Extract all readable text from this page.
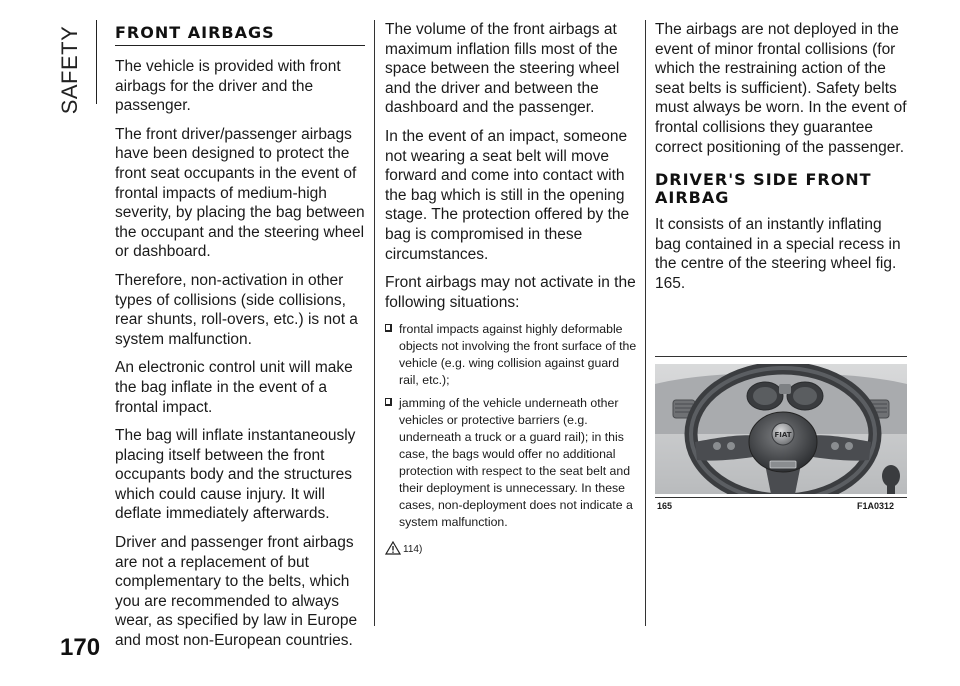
SAFETY
170
FRONT AIRBAGS

The vehicle is provided with front airbags for the driver and the passenger.

The front driver/passenger airbags have been designed to protect the front seat occupants in the event of frontal impacts of medium-high severity, by placing the bag between the occupant and the steering wheel or dashboard.

Therefore, non-activation in other types of collisions (side collisions, rear shunts, roll-overs, etc.) is not a system malfunction.

An electronic control unit will make the bag inflate in the event of a frontal impact.

The bag will inflate instantaneously placing itself between the front occupants body and the structures which could cause injury. It will deflate immediately afterwards.

Driver and passenger front airbags are not a replacement of but complementary to the belts, which you are recommended to always wear, as specified by law in Europe and most non-European countries.

The volume of the front airbags at maximum inflation fills most of the space between the steering wheel and the driver and between the dashboard and the passenger.

In the event of an impact, someone not wearing a seat belt will move forward and come into contact with the bag which is still in the opening stage. The protection offered by the bag is compromised in these circumstances.

Front airbags may not activate in the following situations:

frontal impacts against highly deformable objects not involving the front surface of the vehicle (e.g. wing collision against guard rail, etc.);
jamming of the vehicle underneath other vehicles or protective barriers (e.g. underneath a truck or a guard rail); in this case, the bags would offer no additional protection with respect to the seat belt and their deployment is unnecessary. In these cases, non-deployment does not indicate a system malfunction.
114)

The airbags are not deployed in the event of minor frontal collisions (for which the restraining action of the seat belts is sufficient). Safety belts must always be worn. In the event of frontal collisions they guarantee correct positioning of the passenger.

DRIVER'S SIDE FRONT AIRBAG

It consists of an instantly inflating bag contained in a special recess in the centre of the steering wheel fig. 165.

FIAT
165	F1A0312
